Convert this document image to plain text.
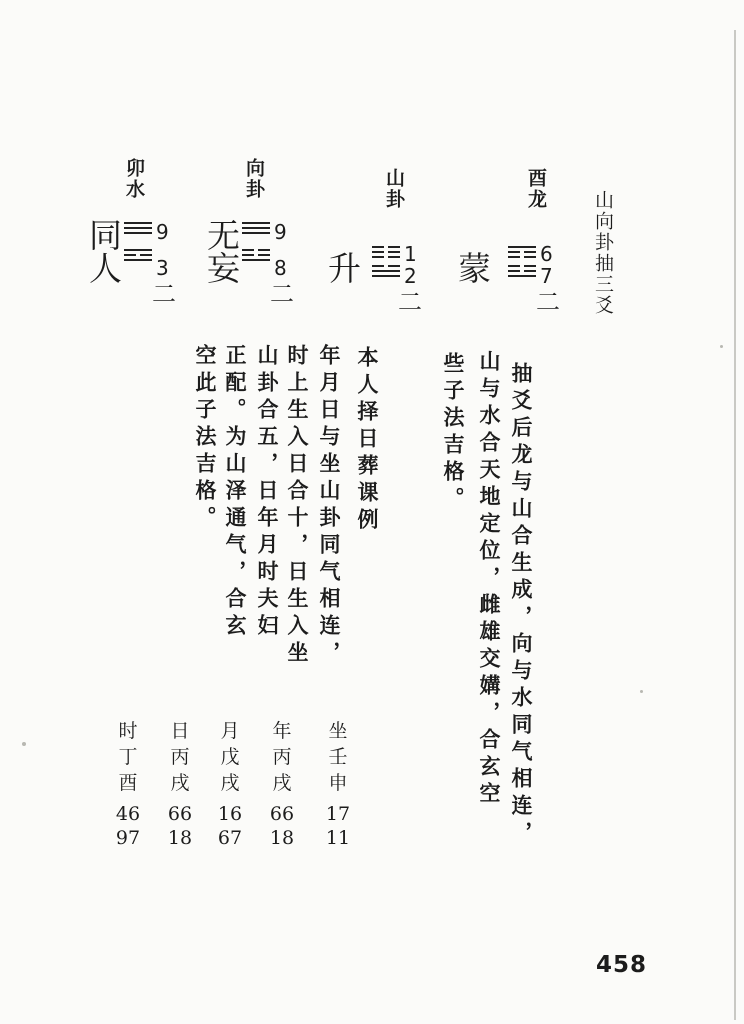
山向卦抽三爻
酉龙
山卦
向卦
卯水
蒙 6
7
二
升 1
2
二
无妄 9
8
二
同人 9
3
二
抽爻后龙与山合生成，向与水同气相连，
山与水合天地定位，雌雄交媾，合玄空
些子法吉格。
本人择日葬课例
年月日与坐山卦同气相连，
时上生入日合十，日生入坐
山卦合五，日年月时夫妇
正配。为山泽通气，合玄
空此子法吉格。
坐
壬
申
17
11
年
丙
戌
66
18
月
戊
戌
16
67
日
丙
戌
66
18
时
丁
酉
46
97
458
